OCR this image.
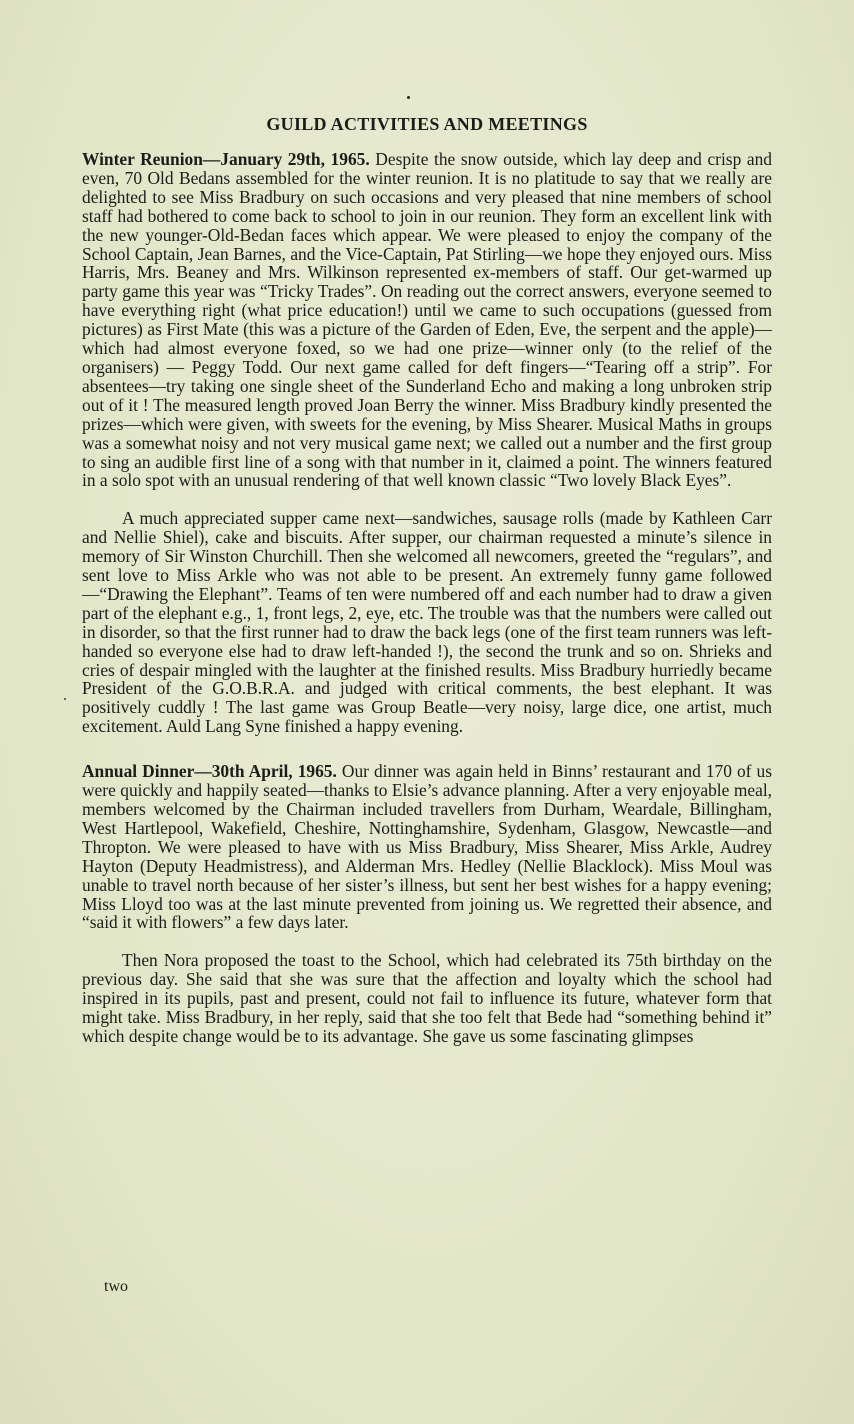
GUILD ACTIVITIES AND MEETINGS

Winter Reunion—January 29th, 1965. Despite the snow outside, which lay deep and crisp and even, 70 Old Bedans assembled for the winter reunion. It is no platitude to say that we really are delighted to see Miss Bradbury on such occasions and very pleased that nine members of school staff had bothered to come back to school to join in our reunion. They form an excellent link with the new younger-Old-Bedan faces which appear. We were pleased to enjoy the company of the School Captain, Jean Barnes, and the Vice-Captain, Pat Stirling—we hope they enjoyed ours. Miss Harris, Mrs. Beaney and Mrs. Wilkinson represented ex-members of staff. Our get-warmed up party game this year was “Tricky Trades”. On reading out the correct answers, everyone seemed to have everything right (what price education!) until we came to such occupations (guessed from pictures) as First Mate (this was a picture of the Garden of Eden, Eve, the serpent and the apple)—which had almost everyone foxed, so we had one prize—winner only (to the relief of the organisers) — Peggy Todd. Our next game called for deft fingers—“Tearing off a strip”. For absentees—try taking one single sheet of the Sunderland Echo and making a long unbroken strip out of it ! The measured length proved Joan Berry the winner. Miss Bradbury kindly presented the prizes—which were given, with sweets for the evening, by Miss Shearer. Musical Maths in groups was a somewhat noisy and not very musical game next; we called out a number and the first group to sing an audible first line of a song with that number in it, claimed a point. The winners featured in a solo spot with an unusual rendering of that well known classic “Two lovely Black Eyes”.

A much appreciated supper came next—sandwiches, sausage rolls (made by Kathleen Carr and Nellie Shiel), cake and biscuits. After supper, our chairman requested a minute’s silence in memory of Sir Winston Churchill. Then she welcomed all newcomers, greeted the “regulars”, and sent love to Miss Arkle who was not able to be present. An extremely funny game followed—“Drawing the Elephant”. Teams of ten were numbered off and each number had to draw a given part of the elephant e.g., 1, front legs, 2, eye, etc. The trouble was that the numbers were called out in disorder, so that the first runner had to draw the back legs (one of the first team runners was left-handed so everyone else had to draw left-handed !), the second the trunk and so on. Shrieks and cries of despair mingled with the laughter at the finished results. Miss Bradbury hurriedly became President of the G.O.B.R.A. and judged with critical comments, the best elephant. It was positively cuddly ! The last game was Group Beatle—very noisy, large dice, one artist, much excitement. Auld Lang Syne finished a happy evening.

Annual Dinner—30th April, 1965. Our dinner was again held in Binns’ restaurant and 170 of us were quickly and happily seated—thanks to Elsie’s advance planning. After a very enjoyable meal, members welcomed by the Chairman included travellers from Durham, Weardale, Billingham, West Hartlepool, Wakefield, Cheshire, Nottinghamshire, Sydenham, Glasgow, Newcastle—and Thropton. We were pleased to have with us Miss Bradbury, Miss Shearer, Miss Arkle, Audrey Hayton (Deputy Headmistress), and Alderman Mrs. Hedley (Nellie Blacklock). Miss Moul was unable to travel north because of her sister’s illness, but sent her best wishes for a happy evening; Miss Lloyd too was at the last minute prevented from joining us. We regretted their absence, and “said it with flowers” a few days later.

Then Nora proposed the toast to the School, which had celebrated its 75th birthday on the previous day. She said that she was sure that the affection and loyalty which the school had inspired in its pupils, past and present, could not fail to influence its future, whatever form that might take. Miss Bradbury, in her reply, said that she too felt that Bede had “something behind it” which despite change would be to its advantage. She gave us some fascinating glimpses

two
